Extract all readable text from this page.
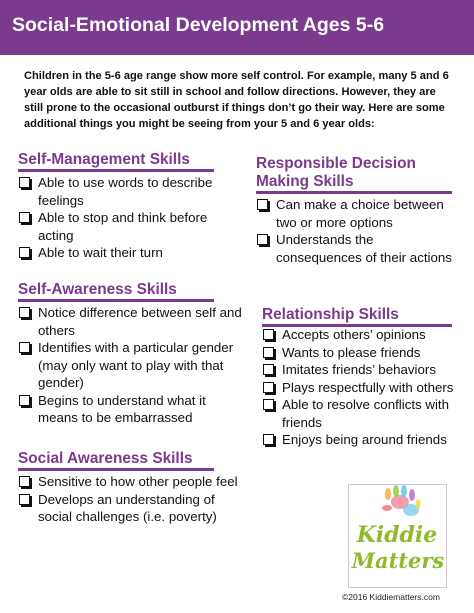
Social-Emotional Development Ages 5-6
Children in the 5-6 age range show more self control. For example, many 5 and 6 year olds are able to sit still in school and follow directions. However, they are still prone to the occasional outburst if things don’t go their way. Here are some additional things you might be seeing from your 5 and 6 year olds:
Self-Management Skills
Able to use words to describe feelings
Able to stop and think before acting
Able to wait their turn
Self-Awareness Skills
Notice difference between self and others
Identifies with a particular gender (may only want to play with that gender)
Begins to understand what it means to be embarrassed
Social Awareness Skills
Sensitive to how other people feel
Develops an understanding of social challenges (i.e. poverty)
Responsible Decision
Making Skills
Can make a choice between two or more options
Understands the consequences of their actions
Relationship Skills
Accepts others’ opinions
Wants to please friends
Imitates friends’ behaviors
Plays respectfully with others
Able to resolve conflicts with friends
Enjoys being around friends
Kiddie
Matters
©2016 Kiddiematters.com
